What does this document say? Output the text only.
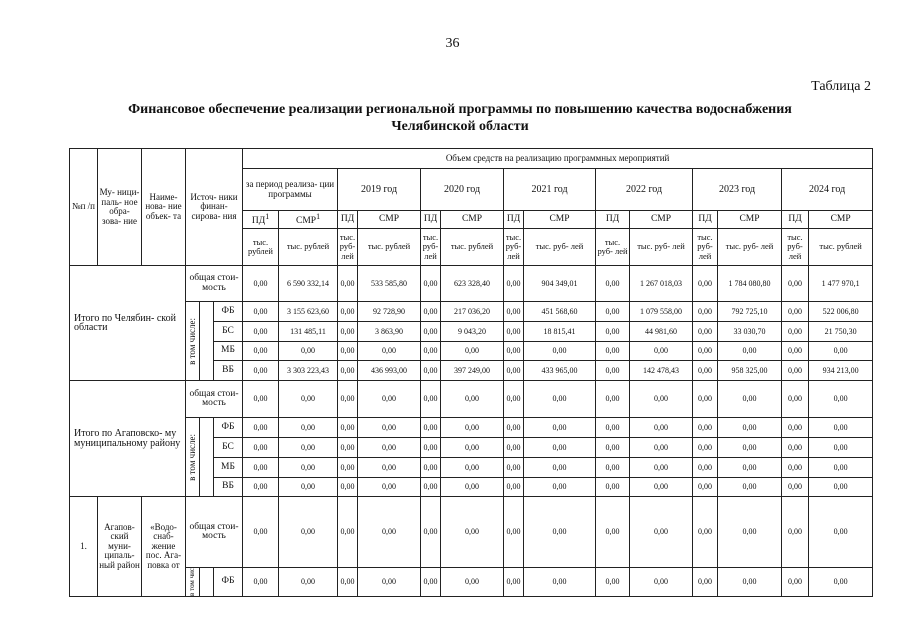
36
Таблица 2
Финансовое обеспечение реализации региональной программы по повышению качества водоснабжения
Челябинской области
№п /п	Му- ници- паль- ное обра- зова- ние	Наиме- нова- ние объек- та	Источ- ники финан- сирова- ния			Объем средств на реализацию программных мероприятий													
						за период реализа- ции программы		2019 год		2020 год		2021 год		2022 год		2023 год		2024 год	
						$ПД^1$	СМР$^1$	ПД	СМР	ПД	СМР	ПД	СМР	ПД	СМР	ПД	СМР	ПД	СМР
						тыс. рублей	тыс. рублей	тыс. руб- лей	тыс. рублей	тыс. руб- лей	тыс. рублей	тыс. руб- лей	тыс. руб- лей	тыс. руб- лей	тыс. руб- лей	тыс. руб- лей	тыс. руб- лей	тыс. руб- лей	тыс. рублей
Итого по Челябин- ской области			общая стои- мость			0,00	6 590 332,14	0,00	533 585,80	0,00	623 328,40	0,00	904 349,01	0,00	1 267 018,03	0,00	1 784 080,80	0,00	1 477 970,1

			в том числе:		ФБ	0,00	3 155 623,60	0,00	92 728,90	0,00	217 036,20	0,00	451 568,60	0,00	1 079 558,00	0,00	792 725,10	0,00	522 006,80
					БС	0,00	131 485,11	0,00	3 863,90	0,00	9 043,20	0,00	18 815,41	0,00	44 981,60	0,00	33 030,70	0,00	21 750,30
					МБ	0,00	0,00	0,00	0,00	0,00	0,00	0,00	0,00	0,00	0,00	0,00	0,00	0,00	0,00
					ВБ	0,00	3 303 223,43	0,00	436 993,00	0,00	397 249,00	0,00	433 965,00	0,00	142 478,43	0,00	958 325,00	0,00	934 213,00
Итого по Агаповско- му муниципальному району			общая стои- мость			0,00	0,00	0,00	0,00	0,00	0,00	0,00	0,00	0,00	0,00	0,00	0,00	0,00	0,00

			в том числе:		ФБ	0,00	0,00	0,00	0,00	0,00	0,00	0,00	0,00	0,00	0,00	0,00	0,00	0,00	0,00
					БС	0,00	0,00	0,00	0,00	0,00	0,00	0,00	0,00	0,00	0,00	0,00	0,00	0,00	0,00
					МБ	0,00	0,00	0,00	0,00	0,00	0,00	0,00	0,00	0,00	0,00	0,00	0,00	0,00	0,00
					ВБ	0,00	0,00	0,00	0,00	0,00	0,00	0,00	0,00	0,00	0,00	0,00	0,00	0,00	0,00
1.	Агапов- ский муни- ципаль- ный район	«Водо- снаб- жение пос. Ага- повка от	общая стои- мость			0,00	0,00	0,00	0,00	0,00	0,00	0,00	0,00	0,00	0,00	0,00	0,00	0,00	0,00

			в том чис		ФБ	0,00	0,00	0,00	0,00	0,00	0,00	0,00	0,00	0,00	0,00	0,00	0,00	0,00	0,00
